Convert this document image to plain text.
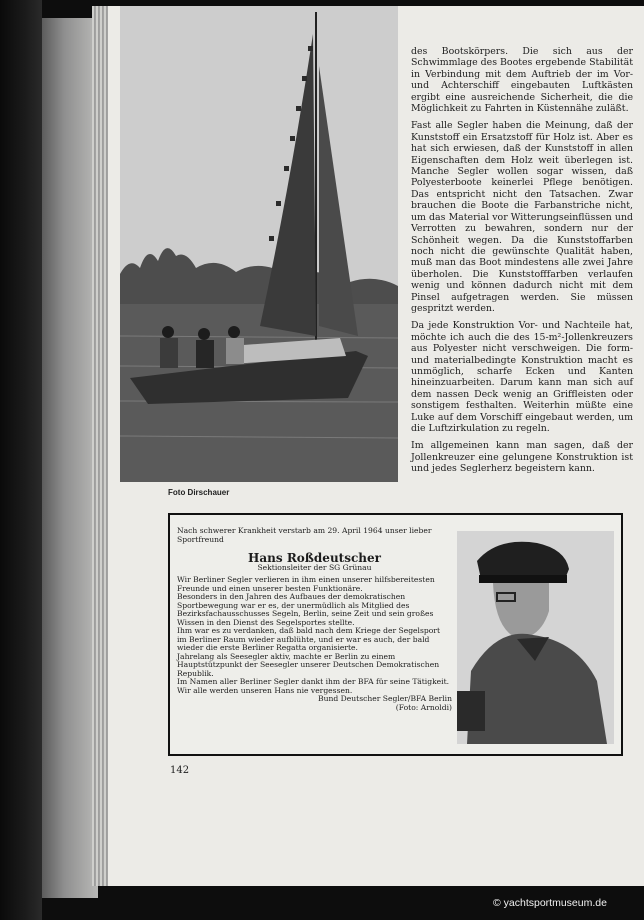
Foto Dirschauer

des Bootskörpers. Die sich aus der Schwimmlage des Bootes ergebende Stabilität in Verbindung mit dem Auftrieb der im Vor- und Achterschiff eingebauten Luftkästen ergibt eine ausreichende Sicherheit, die die Möglichkeit zu Fahrten in Küstennähe zuläßt.

Fast alle Segler haben die Meinung, daß der Kunststoff ein Ersatzstoff für Holz ist. Aber es hat sich erwiesen, daß der Kunststoff in allen Eigenschaften dem Holz weit überlegen ist. Manche Segler wollen sogar wissen, daß Polyesterboote keinerlei Pflege benötigen. Das entspricht nicht den Tatsachen. Zwar brauchen die Boote die Farbanstriche nicht, um das Material vor Witterungseinflüssen und Verrotten zu bewahren, sondern nur der Schönheit wegen. Da die Kunststoffarben noch nicht die gewünschte Qualität haben, muß man das Boot mindestens alle zwei Jahre überholen. Die Kunststofffarben verlaufen wenig und können dadurch nicht mit dem Pinsel aufgetragen werden. Sie müssen gespritzt werden.

Da jede Konstruktion Vor- und Nachteile hat, möchte ich auch die des 15-m²-Jollenkreuzers aus Polyester nicht verschweigen. Die form- und materialbedingte Konstruktion macht es unmöglich, scharfe Ecken und Kanten hineinzuarbeiten. Darum kann man sich auf dem nassen Deck wenig an Griffleisten oder sonstigem festhalten. Weiterhin müßte eine Luke auf dem Vorschiff eingebaut werden, um die Luftzirkulation zu regeln.

Im allgemeinen kann man sagen, daß der Jollenkreuzer eine gelungene Konstruktion ist und jedes Seglerherz begeistern kann.

Nach schwerer Krankheit verstarb am 29. April 1964 unser lieber Sportfreund
Hans Roßdeutscher
Sektionsleiter der SG Grünau
Wir Berliner Segler verlieren in ihm einen unserer hilfsbereitesten Freunde und einen unserer besten Funktionäre.
Besonders in den Jahren des Aufbaues der demokratischen Sportbewegung war er es, der unermüdlich als Mitglied des Bezirksfachausschusses Segeln, Berlin, seine Zeit und sein großes Wissen in den Dienst des Segelsportes stellte.
Ihm war es zu verdanken, daß bald nach dem Kriege der Segelsport im Berliner Raum wieder aufblühte, und er war es auch, der bald wieder die erste Berliner Regatta organisierte.
Jahrelang als Seesegler aktiv, machte er Berlin zu einem Hauptstützpunkt der Seesegler unserer Deutschen Demokratischen Republik.
Im Namen aller Berliner Segler dankt ihm der BFA für seine Tätigkeit.
Wir alle werden unseren Hans nie vergessen.
Bund Deutscher Segler/BFA Berlin
(Foto: Arnoldi)
142
© yachtsportmuseum.de
